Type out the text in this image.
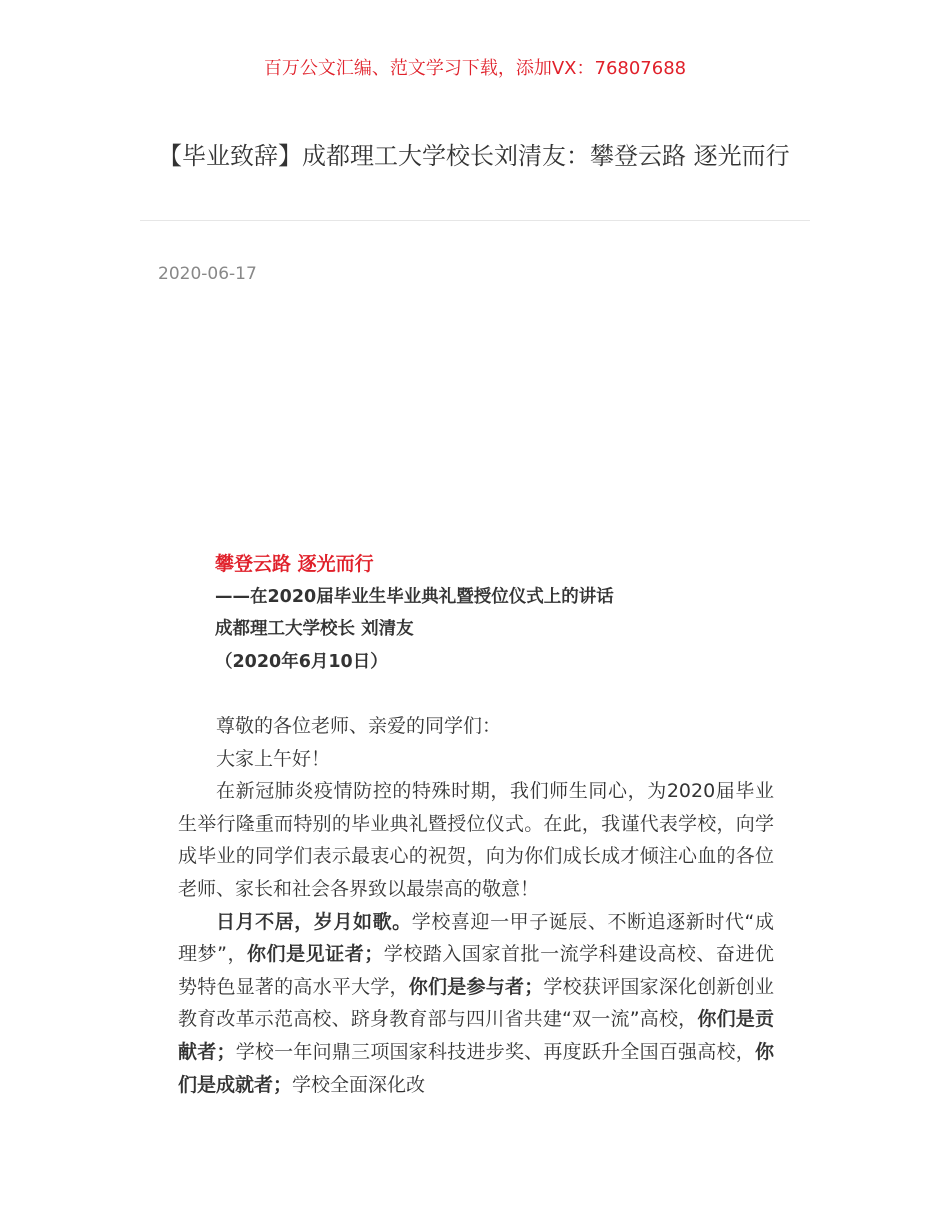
百万公文汇编、范文学习下载，添加VX：76807688
【毕业致辞】成都理工大学校长刘清友：攀登云路 逐光而行
2020-06-17
攀登云路 逐光而行
——在2020届毕业生毕业典礼暨授位仪式上的讲话
成都理工大学校长 刘清友
（2020年6月10日）

尊敬的各位老师、亲爱的同学们：

大家上午好！

在新冠肺炎疫情防控的特殊时期，我们师生同心，为2020届毕业生举行隆重而特别的毕业典礼暨授位仪式。在此，我谨代表学校，向学成毕业的同学们表示最衷心的祝贺，向为你们成长成才倾注心血的各位老师、家长和社会各界致以最崇高的敬意！

日月不居，岁月如歌。学校喜迎一甲子诞辰、不断追逐新时代“成理梦”，你们是见证者；学校踏入国家首批一流学科建设高校、奋进优势特色显著的高水平大学，你们是参与者；学校获评国家深化创新创业教育改革示范高校、跻身教育部与四川省共建“双一流”高校，你们是贡献者；学校一年问鼎三项国家科技进步奖、再度跃升全国百强高校，你们是成就者；学校全面深化改
